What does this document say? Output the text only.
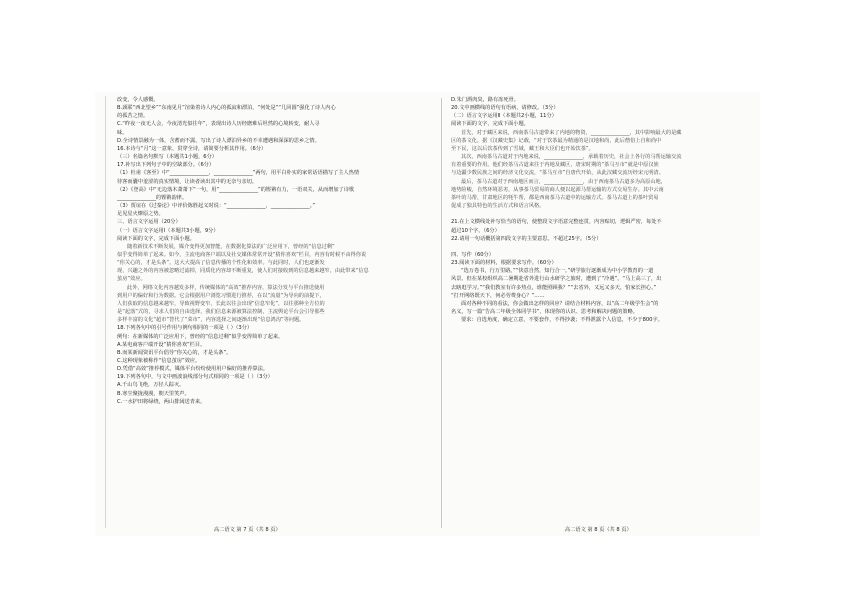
改变，令人感慨。

B.颈联“西北望乡”“东南见月”渲染着诗人内心的孤寂和漂泊，“何处是”“几回圆”强化了诗人内心

的孤苦之情。

C.“昨夜一夜无人会，今夜清光似往年”，表现出诗人历经磨难后坦然的心境转变，耐人寻

味。

D.全诗情景融为一体，含蓄而不露，写出了诗人漂泊异乡的不幸遭遇和深深的思乡之情。

16.本诗与“月”这一意象，贯穿全诗，请简要分析其作用。（6分）

（三）名篇名句默写（本题共1小题，6分）

17.补写出下列句子中的空缺部分。（6分）

（1）杜甫《客至》中“_______________，_______________”两句，用平白朴实的家常话语描写了主人热情

待客而囊中羞涩的真实情境，让读者读出其中的无奈与亲切。

（2）《登高》中“无边落木萧萧下”一句，用“_______________”的铿锵有力，一语双关，从而增加了诗歌

_______________的铿锵韵律。

（3）贾谊在《过秦论》中评价陈胜起义时说：“_______________，_______________。”

足见星火燎原之势。

三、语言文字运用（20分）

（一）语言文字运用Ⅰ（本题共3小题，9分）

阅读下面的文字，完成下面小题。

随着新技术不断发展，媒介变得更加智能，在数据化算法的广泛应用下，曾经的“信息过剩”

似乎变得简单了起来。如今，主流电商客户端以及社交媒体常常开设“猜你喜欢”栏目，内容有时候不由得你说

“你关心的，才是头条”。这大大提高了信息传播的个性化和效率。与此同时，人们也逐渐发

现，兴趣之外的内容被忽略过滤掉，同质化内容却不断重复，使人们对接收到的信息越来越窄，由此带来“信息

茧房”效应。

此外，网络文化内容越发多样，传统媒体的“高效”推荐内容，算法分发与平台推送使用

到用户的偏好和行为数据。它会根据用户浏览习惯进行推荐，在以“流量”为导向的前提下，

人们获取的信息越来越窄，导致视野变窄，长此以往会出现“信息窄化”，以往那种全方位的

是“起落”式的，寻求人们的自由选择，我们信息来源被算法控制，主流舆论平台会引导那些

多样丰富的文化“超市”替代了“菜市”，内容选择之间逐渐出现“信息鸿沟”等问题。

18.下列各句中的引号作用与例句相同的一项是（ ）（3分）

例句：在新媒体的广泛应用下，曾经的“信息过剩”似乎变得简单了起来。

A.某电商客户端开设“猜你喜欢”栏目。

B.而某新闻资讯平台倡导“你关心的，才是头条”。

C.这种现象被称作“信息茧房”效应。

D.凭借“高效”推荐模式，媒体平台纷纷使用用户偏好的推荐算法。

19.下列各句中，与文中画波浪线部分句式相同的一项是（ ）（3分）

A.千山鸟飞绝，万径人踪灭。

B.寒尘聚拢漫漫，朝天里笑声。

C.一水护田将绿绕，两山排闼送青来。

D.朱门酒肉臭，路有冻死骨。

20.文中画横线的语句有语病，请修改。（3分）

（二）语言文字运用Ⅱ（本题共2小题，11分）

阅读下面的文字，完成下面小题。

首先，对于藏区来说，西南茶马古道带来了内地的物资，_______________，其中影响最大的是藏

区的茶文化。据《汉藏史集》记载，“对于饮茶最为精通的是汉地和尚，此后僧俗上自和尚中

至下民，这以后饮茶传到了雪域，藏王和大臣们也开始饮茶”。

其次，西南茶马古道对于内地来说，_______________，承载着历史，社会上各行的马帮运输交流

有着重要的作用。他们经茶马古道来往于内地及藏区，唐宋时期的“茶马互市”就是中原汉族

与边疆少数民族之间的经济文化交流，“茶马互市”自唐代开始，从此汉藏交流历经宋元明清。

最后，茶马古道对于西南地区而言，_______________，由于西南茶马古道多为高原山地，

地势险峻，自然环境恶劣，从事茶马贸易的商人便以起源马帮运输的方式交易生存。其中云南

茶叶的马帮，甘肃地区的牦牛帮，都是西南茶马古道中的运输方式。茶马古道上的茶叶贸易

促成了独具特色的生活方式和语言风格。

21.在上文横线处补写恰当的语句，使整段文字语意完整连贯，内容贴切，逻辑严密，每处不

超过10个字。（6分）

22.请用一句话概括第四段文字的主要意思。不超过25字。（5分）

四、写作（60分）

23.阅读下面的材料，根据要求写作。（60分）

“选万卷书，行万里路。”“快意自然，知行合一。”研学旅行逐渐成为中小学教育的一道

风景。但在某校组织高二暑期赴省外进行山水研学之旅时，遭到了“冷遇”。“马上高三了，出

去瞎逛学习。”“我们教室有许多热点，谁能照顾我？”“去省外，又远又多天，怕家长担心。”

“打开网络既天下，何必劳费身心？”……

面对各种不同的看法，你会做出怎样的回应？请结合材料内容，以“高二年级学生会”的

名义，写一篇“告高二年级全体同学书”，体现你的认识、思考和解决问题的策略。

要求：自选角度，确定立意，不要套作，不得抄袭；不得泄露个人信息，不少于800字。

高二语文 第 7 页（共 8 页）	高二语文 第 8 页（共 8 页）
